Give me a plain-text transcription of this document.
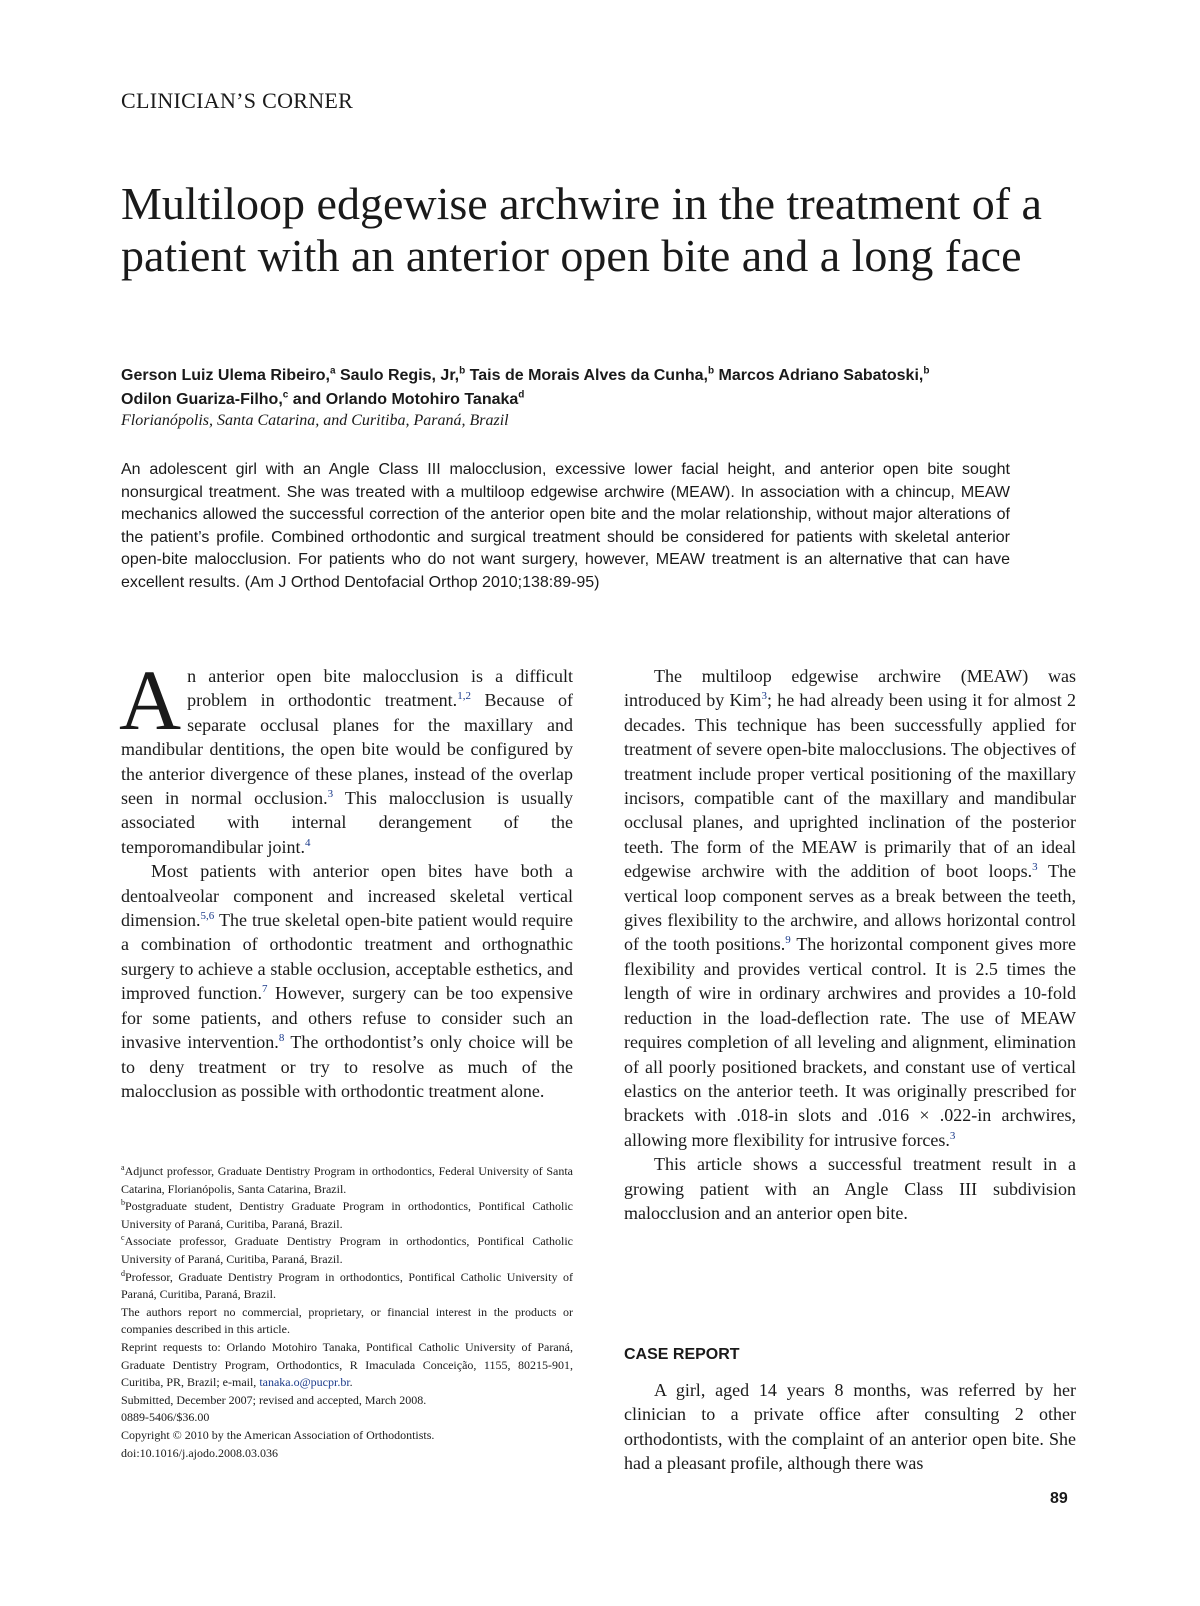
CLINICIAN’S CORNER
Multiloop edgewise archwire in the treatment of a patient with an anterior open bite and a long face
Gerson Luiz Ulema Ribeiro,$^a$ Saulo Regis, Jr,$^b$ Tais de Morais Alves da Cunha,$^b$ Marcos Adriano Sabatoski,$^b$
Odilon Guariza-Filho,$^c$ and Orlando Motohiro Tanaka$^d$
Florianópolis, Santa Catarina, and Curitiba, Paraná, Brazil
An adolescent girl with an Angle Class III malocclusion, excessive lower facial height, and anterior open bite sought nonsurgical treatment. She was treated with a multiloop edgewise archwire (MEAW). In association with a chincup, MEAW mechanics allowed the successful correction of the anterior open bite and the molar relationship, without major alterations of the patient’s profile. Combined orthodontic and surgical treatment should be considered for patients with skeletal anterior open-bite malocclusion. For patients who do not want surgery, however, MEAW treatment is an alternative that can have excellent results. (Am J Orthod Dentofacial Orthop 2010;138:89-95)

An anterior open bite malocclusion is a difficult problem in orthodontic treatment.$^{1,2}$ Because of separate occlusal planes for the maxillary and mandibular dentitions, the open bite would be configured by the anterior divergence of these planes, instead of the overlap seen in normal occlusion.$^3$ This malocclusion is usually associated with internal derangement of the temporomandibular joint.$^4$

Most patients with anterior open bites have both a dentoalveolar component and increased skeletal vertical dimension.$^{5,6}$ The true skeletal open-bite patient would require a combination of orthodontic treatment and orthognathic surgery to achieve a stable occlusion, acceptable esthetics, and improved function.$^7$ However, surgery can be too expensive for some patients, and others refuse to consider such an invasive intervention.$^8$ The orthodontist’s only choice will be to deny treatment or try to resolve as much of the malocclusion as possible with orthodontic treatment alone.

The multiloop edgewise archwire (MEAW) was introduced by Kim$^3$; he had already been using it for almost 2 decades. This technique has been successfully applied for treatment of severe open-bite malocclusions. The objectives of treatment include proper vertical positioning of the maxillary incisors, compatible cant of the maxillary and mandibular occlusal planes, and uprighted inclination of the posterior teeth. The form of the MEAW is primarily that of an ideal edgewise archwire with the addition of boot loops.$^3$ The vertical loop component serves as a break between the teeth, gives flexibility to the archwire, and allows horizontal control of the tooth positions.$^9$ The horizontal component gives more flexibility and provides vertical control. It is 2.5 times the length of wire in ordinary archwires and provides a 10-fold reduction in the load-deflection rate. The use of MEAW requires completion of all leveling and alignment, elimination of all poorly positioned brackets, and constant use of vertical elastics on the anterior teeth. It was originally prescribed for brackets with .018-in slots and .016 × .022-in archwires, allowing more flexibility for intrusive forces.$^3$

This article shows a successful treatment result in a growing patient with an Angle Class III subdivision malocclusion and an anterior open bite.

CASE REPORT

A girl, aged 14 years 8 months, was referred by her clinician to a private office after consulting 2 other orthodontists, with the complaint of an anterior open bite. She had a pleasant profile, although there was

$^a$Adjunct professor, Graduate Dentistry Program in orthodontics, Federal University of Santa Catarina, Florianópolis, Santa Catarina, Brazil.

$^b$Postgraduate student, Dentistry Graduate Program in orthodontics, Pontifical Catholic University of Paraná, Curitiba, Paraná, Brazil.

$^c$Associate professor, Graduate Dentistry Program in orthodontics, Pontifical Catholic University of Paraná, Curitiba, Paraná, Brazil.

$^d$Professor, Graduate Dentistry Program in orthodontics, Pontifical Catholic University of Paraná, Curitiba, Paraná, Brazil.

The authors report no commercial, proprietary, or financial interest in the products or companies described in this article.

Reprint requests to: Orlando Motohiro Tanaka, Pontifical Catholic University of Paraná, Graduate Dentistry Program, Orthodontics, R Imaculada Conceição, 1155, 80215-901, Curitiba, PR, Brazil; e-mail, tanaka.o@pucpr.br.

Submitted, December 2007; revised and accepted, March 2008.

0889-5406/$36.00

Copyright © 2010 by the American Association of Orthodontists.

doi:10.1016/j.ajodo.2008.03.036

89
